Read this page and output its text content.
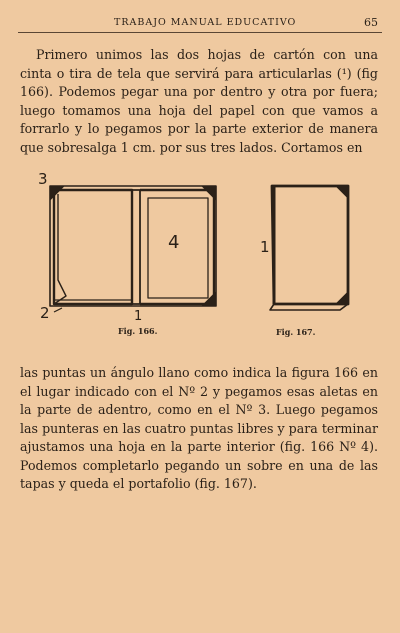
TRABAJO MANUAL EDUCATIVO	65

Primero unimos las dos hojas de cartón con una cinta o tira de tela que servirá para articularlas (¹) (fig 166). Podemos pegar una por dentro y otra por fuera; luego tomamos una hoja del papel con que vamos a forrarlo y lo pegamos por la parte exterior de manera que sobresalga 1 cm. por sus tres lados. Cortamos en

3
2	1
4	1
Fig. 166.	Fig. 167.

las puntas un ángulo llano como indica la figura 166 en el lugar indicado con el Nº 2 y pegamos esas aletas en la parte de adentro, como en el Nº 3. Luego pegamos las punteras en las cuatro puntas libres y para terminar ajustamos una hoja en la parte interior (fig. 166 Nº 4). Podemos completarlo pegando un sobre en una de las tapas y queda el portafolio (fig. 167).
